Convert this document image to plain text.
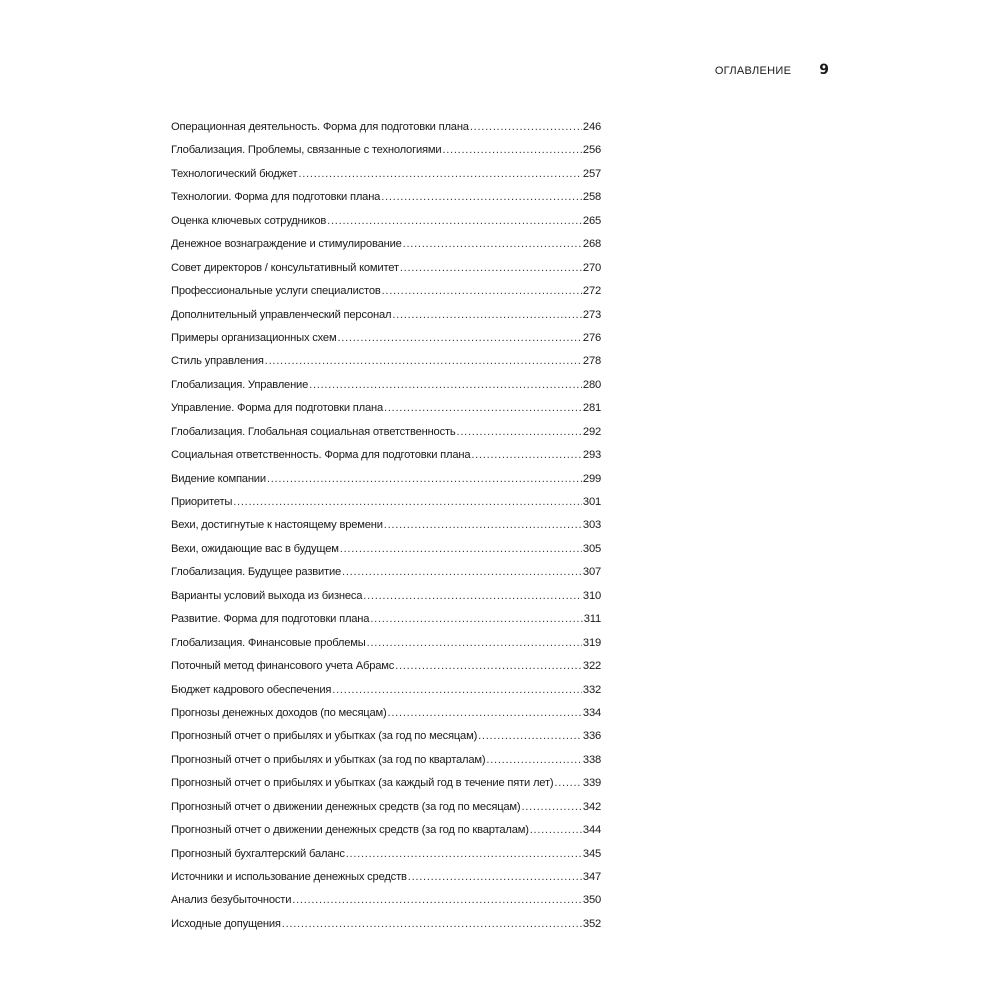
ОГЛАВЛЕНИЕ 9
Операционная деятельность. Форма для подготовки плана . . .	246
Глобализация. Проблемы, связанные с технологиями . . .	256
Технологический бюджет . . .	257
Технологии. Форма для подготовки плана . . .	258
Оценка ключевых сотрудников . . .	265
Денежное вознаграждение и стимулирование . . .	268
Совет директоров / консультативный комитет . . .	270
Профессиональные услуги специалистов . . .	272
Дополнительный управленческий персонал . . .	273
Примеры организационных схем . . .	276
Стиль управления . . .	278
Глобализация. Управление . . .	280
Управление. Форма для подготовки плана . . .	281
Глобализация. Глобальная социальная ответственность . . .	292
Социальная ответственность. Форма для подготовки плана . . .	293
Видение компании . . .	299
Приоритеты . . .	301
Вехи, достигнутые к настоящему времени . . .	303
Вехи, ожидающие вас в будущем . . .	305
Глобализация. Будущее развитие . . .	307
Варианты условий выхода из бизнеса . . .	310
Развитие. Форма для подготовки плана . . .	311
Глобализация. Финансовые проблемы . . .	319
Поточный метод финансового учета Абрамс . . .	322
Бюджет кадрового обеспечения . . .	332
Прогнозы денежных доходов (по месяцам) . . .	334
Прогнозный отчет о прибылях и убытках (за год по месяцам) . . .	336
Прогнозный отчет о прибылях и убытках (за год по кварталам) . . .	338
Прогнозный отчет о прибылях и убытках (за каждый год в течение пяти лет) . . .	339
Прогнозный отчет о движении денежных средств (за год по месяцам) . . .	342
Прогнозный отчет о движении денежных средств (за год по кварталам) . . .	344
Прогнозный бухгалтерский баланс . . .	345
Источники и использование денежных средств . . .	347
Анализ безубыточности . . .	350
Исходные допущения . . .	352
